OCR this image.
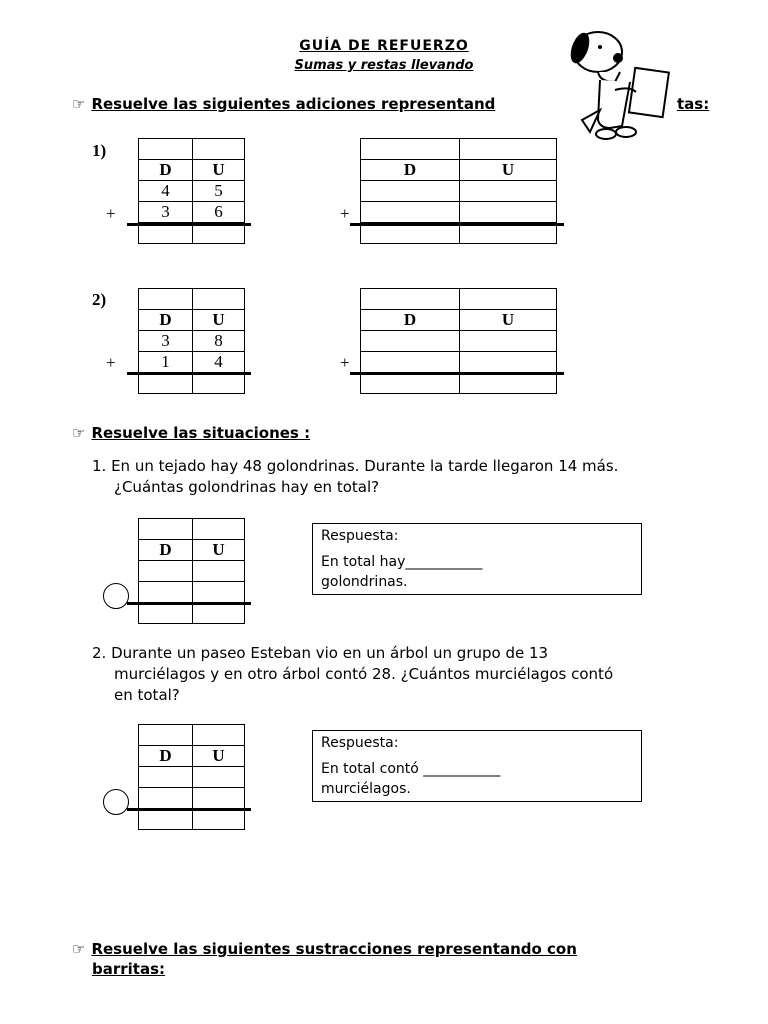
GUÍA DE REFUERZO
Sumas y restas llevando
☞ Resuelve las siguientes adiciones representand	tas:
1)

D	U
4	5
3	6

+

D	U

+
2)

D	U
3	8
1	4

+

D	U

+
☞ Resuelve las situaciones :
1. En un tejado hay 48 golondrinas. Durante la tarde llegaron 14 más.
¿Cuántas golondrinas hay en total?

D	U

Respuesta:

En total hay___________
golondrinas.
2. Durante un paseo Esteban vio en un árbol un grupo de 13
murciélagos y en otro árbol contó 28. ¿Cuántos murciélagos contó
en total?

D	U

Respuesta:

En total contó ___________
murciélagos.
☞ Resuelve las siguientes sustracciones representando con
barritas:
